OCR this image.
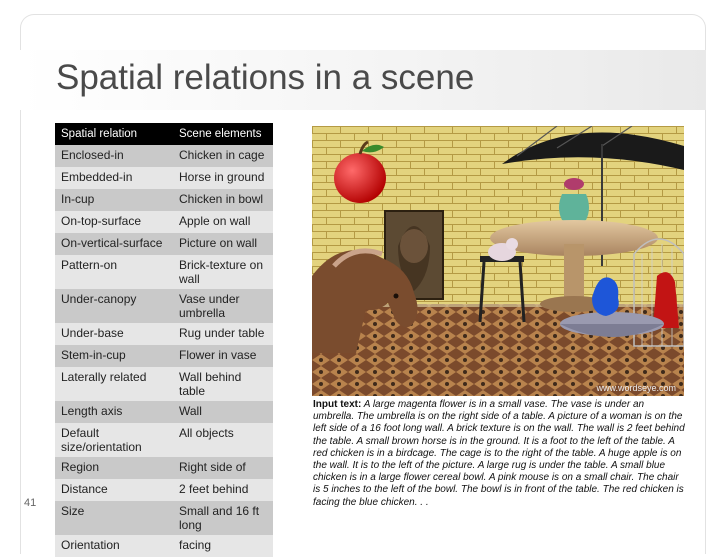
Spatial relations in a scene
Spatial relation	Scene elements
Enclosed-in	Chicken in cage
Embedded-in	Horse in ground
In-cup	Chicken in bowl
On-top-surface	Apple on wall
On-vertical-surface	Picture on wall
Pattern-on	Brick-texture on wall
Under-canopy	Vase under umbrella
Under-base	Rug under table
Stem-in-cup	Flower in vase
Laterally related	Wall behind table
Length axis	Wall
Default size/orientation	All objects
Region	Right side of
Distance	2 feet behind
Size	Small and 16 ft long
Orientation	facing
41
www.wordseye.com

Input text: A large magenta flower is in a small vase. The vase is under an umbrella. The umbrella is on the right side of a table. A picture of a woman is on the left side of a 16 foot long wall. A brick texture is on the wall. The wall is 2 feet behind the table. A small brown horse is in the ground. It is a foot to the left of the table. A red chicken is in a birdcage. The cage is to the right of the table. A huge apple is on the wall. It is to the left of the picture. A large rug is under the table. A small blue chicken is in a large flower cereal bowl. A pink mouse is on a small chair. The chair is 5 inches to the left of the bowl. The bowl is in front of the table. The red chicken is facing the blue chicken. . .
